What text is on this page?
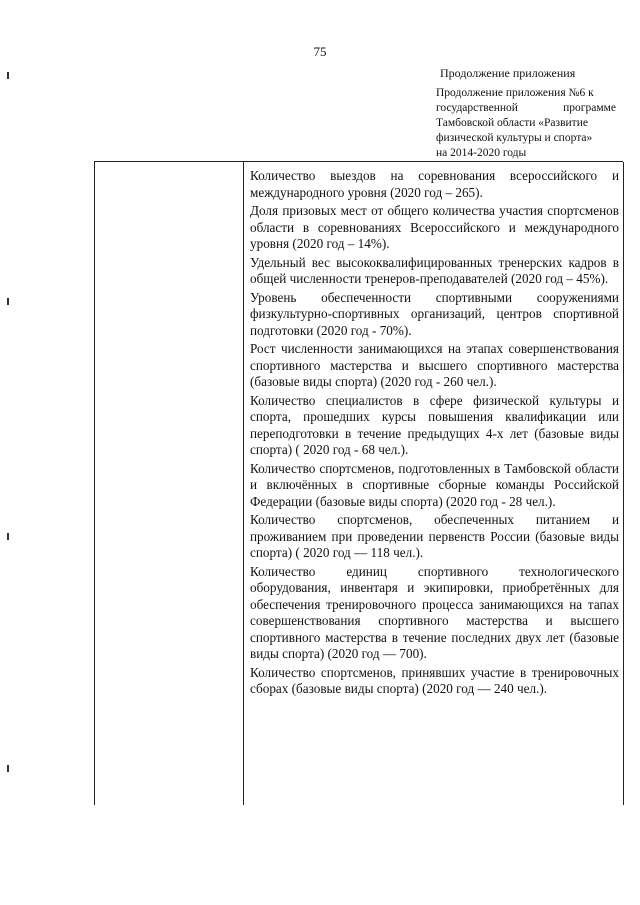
75
Продолжение приложения
Продолжение приложения №6 к
государственной программе
Тамбовской области «Развитие
физической культуры и спорта»
на 2014-2020 годы
Количество выездов на соревнования всероссийского и международного уровня (2020 год – 265).
Доля призовых мест от общего количества участия спортсменов области в соревнованиях Всероссийского и международного уровня (2020 год – 14%).
Удельный вес высококвалифицированных тренерских кадров в общей численности тренеров-преподавателей (2020 год – 45%).
Уровень обеспеченности спортивными сооружениями физкультурно-спортивных организаций, центров спортивной подготовки (2020 год - 70%).
Рост численности занимающихся на этапах совершенствования спортивного мастерства и высшего спортивного мастерства (базовые виды спорта) (2020 год - 260 чел.).
Количество специалистов в сфере физической культуры и спорта, прошедших курсы повышения квалификации или переподготовки в течение предыдущих 4-х лет (базовые виды спорта) ( 2020 год - 68 чел.).
Количество спортсменов, подготовленных в Тамбовской области и включённых в спортивные сборные команды Российской Федерации (базовые виды спорта) (2020 год - 28 чел.).
Количество спортсменов, обеспеченных питанием и проживанием при проведении первенств России (базовые виды спорта) ( 2020 год — 118 чел.).
Количество единиц спортивного технологического оборудования, инвентаря и экипировки, приобретённых для обеспечения тренировочного процесса занимающихся на тапах совершенствования спортивного мастерства и высшего спортивного мастерства в течение последних двух лет (базовые виды спорта) (2020 год — 700).
Количество спортсменов, принявших участие в тренировочных сборах (базовые виды спорта) (2020 год — 240 чел.).
